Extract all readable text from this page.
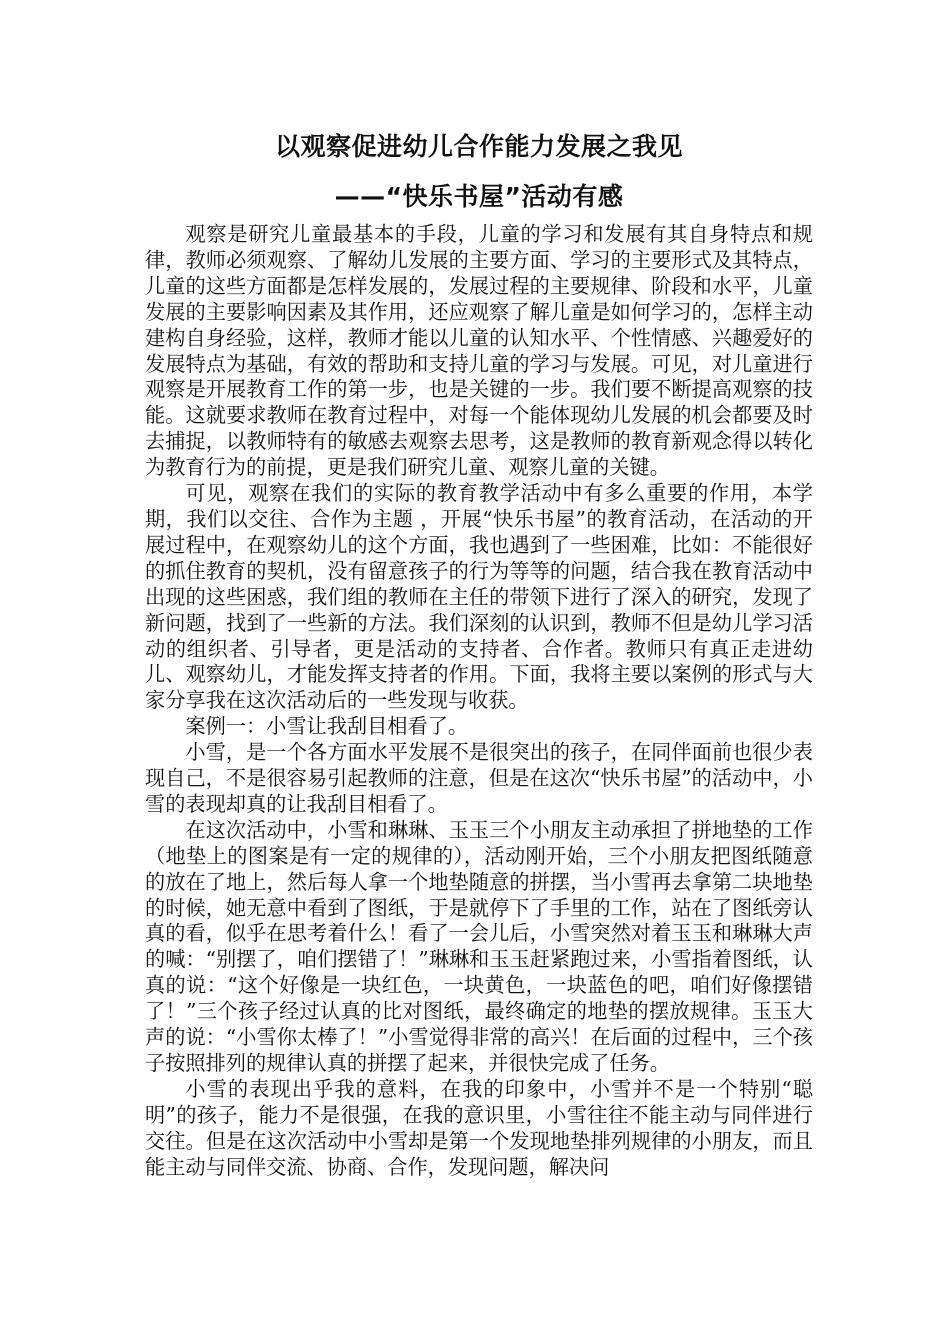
以观察促进幼儿合作能力发展之我见
——“快乐书屋”活动有感

观察是研究儿童最基本的手段，儿童的学习和发展有其自身特点和规律，教师必须观察、了解幼儿发展的主要方面、学习的主要形式及其特点，儿童的这些方面都是怎样发展的，发展过程的主要规律、阶段和水平，儿童发展的主要影响因素及其作用，还应观察了解儿童是如何学习的，怎样主动建构自身经验，这样，教师才能以儿童的认知水平、个性情感、兴趣爱好的发展特点为基础，有效的帮助和支持儿童的学习与发展。可见，对儿童进行观察是开展教育工作的第一步，也是关键的一步。我们要不断提高观察的技能。这就要求教师在教育过程中，对每一个能体现幼儿发展的机会都要及时去捕捉，以教师特有的敏感去观察去思考，这是教师的教育新观念得以转化为教育行为的前提，更是我们研究儿童、观察儿童的关键。

可见，观察在我们的实际的教育教学活动中有多么重要的作用，本学期，我们以交往、合作为主题 ，开展“快乐书屋”的教育活动，在活动的开展过程中，在观察幼儿的这个方面，我也遇到了一些困难，比如：不能很好的抓住教育的契机，没有留意孩子的行为等等的问题，结合我在教育活动中出现的这些困惑，我们组的教师在主任的带领下进行了深入的研究，发现了新问题，找到了一些新的方法。我们深刻的认识到，教师不但是幼儿学习活动的组织者、引导者，更是活动的支持者、合作者。教师只有真正走进幼儿、观察幼儿，才能发挥支持者的作用。下面，我将主要以案例的形式与大家分享我在这次活动后的一些发现与收获。

案例一：小雪让我刮目相看了。

小雪，是一个各方面水平发展不是很突出的孩子，在同伴面前也很少表现自己，不是很容易引起教师的注意，但是在这次“快乐书屋”的活动中，小雪的表现却真的让我刮目相看了。

在这次活动中，小雪和琳琳、玉玉三个小朋友主动承担了拼地垫的工作（地垫上的图案是有一定的规律的），活动刚开始，三个小朋友把图纸随意的放在了地上，然后每人拿一个地垫随意的拼摆，当小雪再去拿第二块地垫的时候，她无意中看到了图纸，于是就停下了手里的工作，站在了图纸旁认真的看，似乎在思考着什么！看了一会儿后，小雪突然对着玉玉和琳琳大声的喊：“别摆了，咱们摆错了！”琳琳和玉玉赶紧跑过来，小雪指着图纸，认真的说：“这个好像是一块红色，一块黄色，一块蓝色的吧，咱们好像摆错了！”三个孩子经过认真的比对图纸，最终确定的地垫的摆放规律。玉玉大声的说：“小雪你太棒了！”小雪觉得非常的高兴！在后面的过程中，三个孩子按照排列的规律认真的拼摆了起来，并很快完成了任务。

小雪的表现出乎我的意料，在我的印象中，小雪并不是一个特别“聪明”的孩子，能力不是很强，在我的意识里，小雪往往不能主动与同伴进行交往。但是在这次活动中小雪却是第一个发现地垫排列规律的小朋友，而且能主动与同伴交流、协商、合作，发现问题，解决问
